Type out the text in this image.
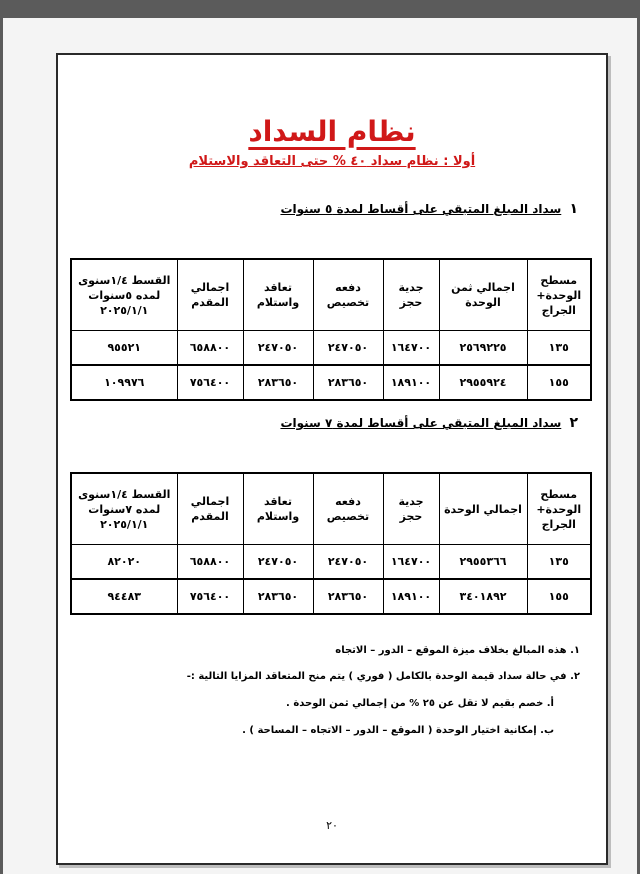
نظام السداد
أولا : نظام سداد ٤٠ % حتى التعاقد والاستلام
١ سداد المبلغ المتبقي على أقساط لمدة ٥ سنوات
مسطح الوحدة+ الجراج	اجمالي ثمن الوحدة	جدية حجز	دفعه تخصيص	تعاقد واستلام	اجمالي المقدم	القسط ١/٤سنوى لمده ٥سنوات ٢٠٢٥/١/١
١٣٥	٢٥٦٩٢٢٥	١٦٤٧٠٠	٢٤٧٠٥٠	٢٤٧٠٥٠	٦٥٨٨٠٠	٩٥٥٢١
١٥٥	٢٩٥٥٩٢٤	١٨٩١٠٠	٢٨٣٦٥٠	٢٨٣٦٥٠	٧٥٦٤٠٠	١٠٩٩٧٦
٢ سداد المبلغ المتبقي على أقساط لمدة ٧ سنوات
مسطح الوحدة+ الجراج	اجمالي الوحدة	جدية حجز	دفعه تخصيص	تعاقد واستلام	اجمالي المقدم	القسط ١/٤سنوى لمده ٧سنوات ٢٠٢٥/١/١
١٣٥	٢٩٥٥٣٦٦	١٦٤٧٠٠	٢٤٧٠٥٠	٢٤٧٠٥٠	٦٥٨٨٠٠	٨٢٠٢٠
١٥٥	٣٤٠١٨٩٢	١٨٩١٠٠	٢٨٣٦٥٠	٢٨٣٦٥٠	٧٥٦٤٠٠	٩٤٤٨٣
١. هذه المبالغ بخلاف ميزة الموقع – الدور – الاتجاه
٢. في حالة سداد قيمة الوحدة بالكامل ( فوري ) يتم منح المتعاقد المزايا التالية :-
أ. خصم بقيم لا تقل عن ٢٥ % من إجمالي ثمن الوحدة .
ب. إمكانية اختيار الوحدة ( الموقع – الدور – الاتجاه – المساحة ) .
٢٠
